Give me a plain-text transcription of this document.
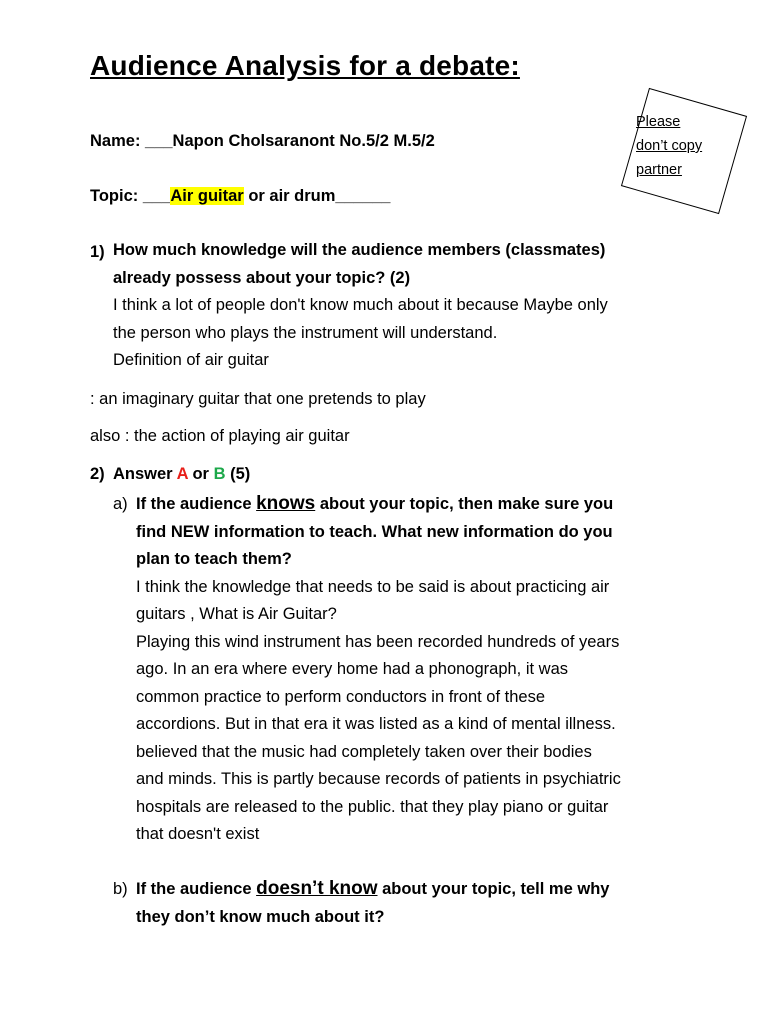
Audience Analysis for a debate:
Please
don’t copy
partner
Name: ___Napon Cholsaranont No.5/2 M.5/2
Topic: ___Air guitar or air drum______
1) How much knowledge will the audience members (classmates)
already possess about your topic? (2)
I think a lot of people don't know much about it because Maybe only
the person who plays the instrument will understand.
Definition of air guitar
: an imaginary guitar that one pretends to play
also : the action of playing air guitar
2) Answer A or B (5)
a) If the audience knows about your topic, then make sure you
find NEW information to teach. What new information do you
plan to teach them?
I think the knowledge that needs to be said is about practicing air
guitars , What is Air Guitar?
Playing this wind instrument has been recorded hundreds of years
ago. In an era where every home had a phonograph, it was
common practice to perform conductors in front of these
accordions. But in that era it was listed as a kind of mental illness.
believed that the music had completely taken over their bodies
and minds. This is partly because records of patients in psychiatric
hospitals are released to the public. that they play piano or guitar
that doesn't exist
b) If the audience doesn’t know about your topic, tell me why
they don’t know much about it?
